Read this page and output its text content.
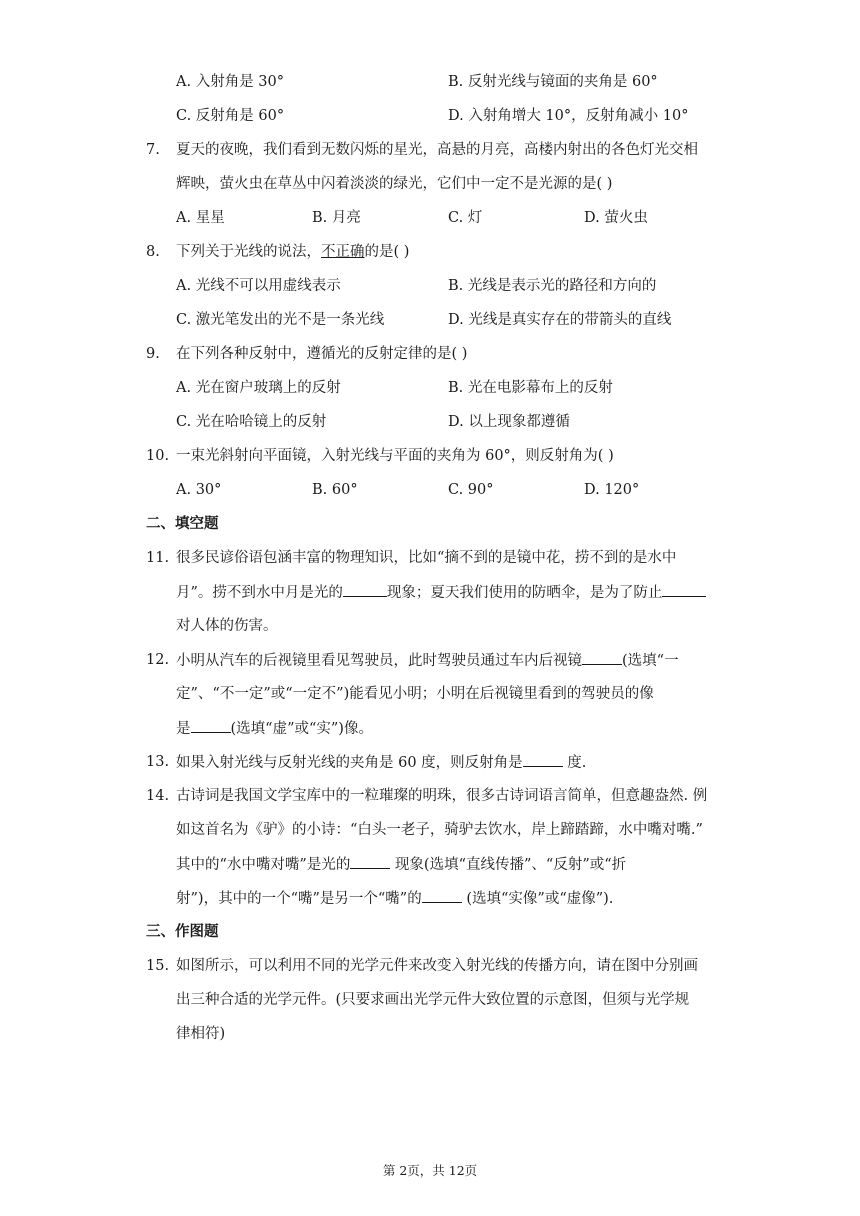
A. 入射角是 30°	B. 反射光线与镜面的夹角是 60°
C. 反射角是 60°	D. 入射角增大 10°，反射角减小 10°
7. 夏天的夜晚，我们看到无数闪烁的星光，高悬的月亮，高楼内射出的各色灯光交相
辉映，萤火虫在草丛中闪着淡淡的绿光，它们中一定不是光源的是( )
A. 星星	B. 月亮	C. 灯	D. 萤火虫
8. 下列关于光线的说法，不正确的是( )
A. 光线不可以用虚线表示	B. 光线是表示光的路径和方向的
C. 激光笔发出的光不是一条光线	D. 光线是真实存在的带箭头的直线
9. 在下列各种反射中，遵循光的反射定律的是( )
A. 光在窗户玻璃上的反射	B. 光在电影幕布上的反射
C. 光在哈哈镜上的反射	D. 以上现象都遵循
10. 一束光斜射向平面镜，入射光线与平面的夹角为 60°，则反射角为( )
A. 30°	B. 60°	C. 90°	D. 120°
二、填空题
11. 很多民谚俗语包涵丰富的物理知识，比如“摘不到的是镜中花，捞不到的是水中
月”。捞不到水中月是光的	现象；夏天我们使用的防晒伞，是为了防止
对人体的伤害。
12. 小明从汽车的后视镜里看见驾驶员，此时驾驶员通过车内后视镜	(选填“一
定”、“不一定”或“一定不”)能看见小明；小明在后视镜里看到的驾驶员的像
是	(选填“虚”或“实”)像。
13. 如果入射光线与反射光线的夹角是 60 度，则反射角是	度.
14. 古诗词是我国文学宝库中的一粒璀璨的明珠，很多古诗词语言简单，但意趣盎然. 例
如这首名为《驴》的小诗：“白头一老子，骑驴去饮水，岸上蹄踏蹄，水中嘴对嘴.”
其中的“水中嘴对嘴”是光的	现象(选填“直线传播”、“反射”或“折
射”)，其中的一个“嘴”是另一个“嘴”的	(选填“实像”或“虚像”).
三、作图题
15. 如图所示，可以利用不同的光学元件来改变入射光线的传播方向，请在图中分别画
出三种合适的光学元件。(只要求画出光学元件大致位置的示意图，但须与光学规
律相符)
第 2页，共 12页
